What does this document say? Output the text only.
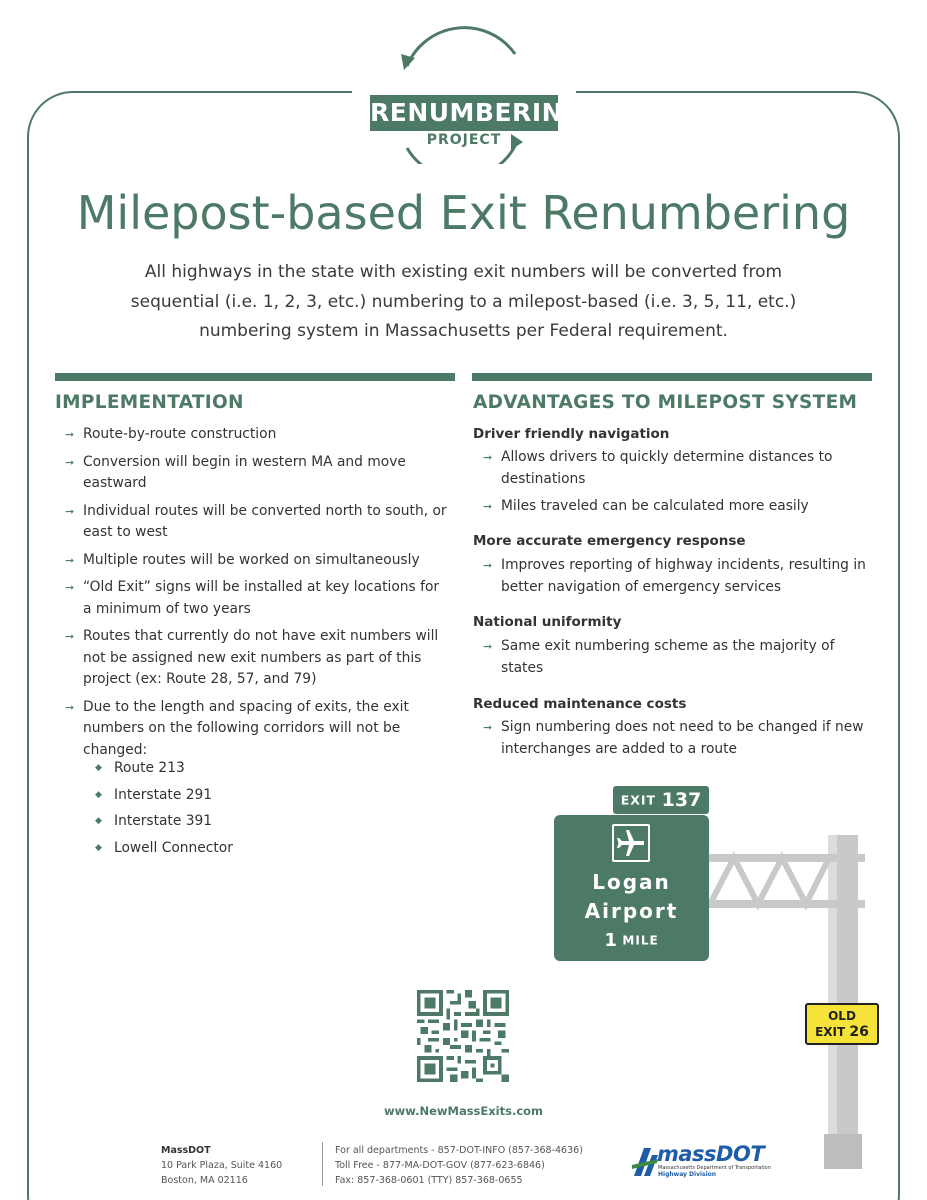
EXIT
RENUMBERING
PROJECT
Milepost-based Exit Renumbering
All highways in the state with existing exit numbers will be converted from
sequential (i.e. 1, 2, 3, etc.) numbering to a milepost-based (i.e. 3, 5, 11, etc.)
numbering system in Massachusetts per Federal requirement.
IMPLEMENTATION
➞ Route-by-route construction
➞ Conversion will begin in western MA and move
eastward
➞ Individual routes will be converted north to south, or
east to west
➞ Multiple routes will be worked on simultaneously
➞ “Old Exit” signs will be installed at key locations for
a minimum of two years
➞ Routes that currently do not have exit numbers will
not be assigned new exit numbers as part of this
project (ex: Route 28, 57, and 79)
➞ Due to the length and spacing of exits, the exit
numbers on the following corridors will not be
changed:
◆ Route 213
◆ Interstate 291
◆ Interstate 391
◆ Lowell Connector
ADVANTAGES TO MILEPOST SYSTEM
Driver friendly navigation
➞ Allows drivers to quickly determine distances to
destinations
➞ Miles traveled can be calculated more easily
More accurate emergency response
➞ Improves reporting of highway incidents, resulting in
better navigation of emergency services
National uniformity
➞ Same exit numbering scheme as the majority of
states
Reduced maintenance costs
➞ Sign numbering does not need to be changed if new
interchanges are added to a route
EXIT 137
Logan
Airport
1 MILE
OLD
EXIT 26
www.NewMassExits.com
MassDOT
10 Park Plaza, Suite 4160
Boston, MA 02116
For all departments - 857-DOT-INFO (857-368-4636)
Toll Free - 877-MA-DOT-GOV (877-623-6846)
Fax: 857-368-0601 (TTY) 857-368-0655
massDOT
Massachusetts Department of Transportation
Highway Division
